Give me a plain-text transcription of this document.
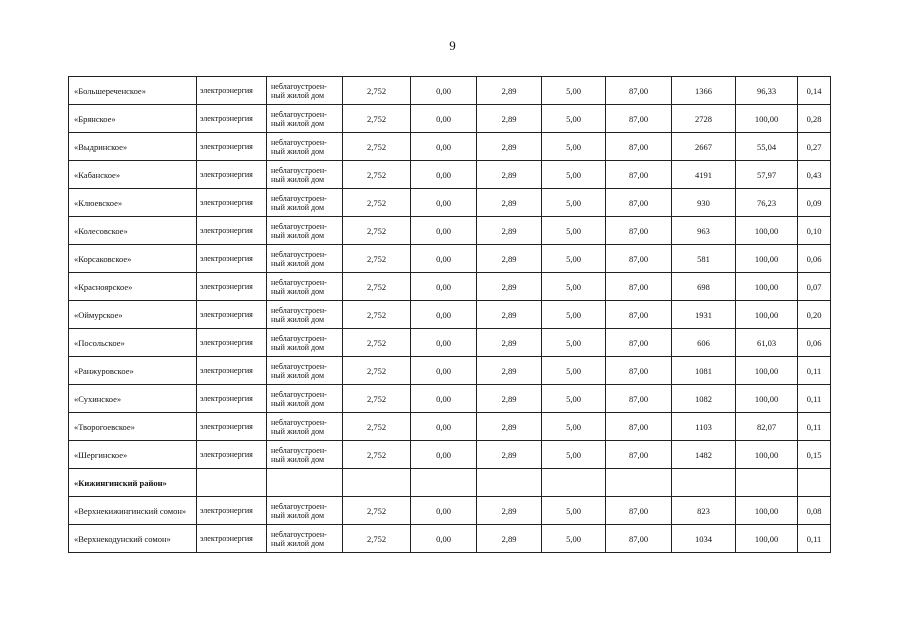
9
«Большереченское»	электроэнергия	неблагоустроен-ный жилой дом	2,752	0,00	2,89	5,00	87,00	1366	96,33	0,14
«Брянское»	электроэнергия	неблагоустроен-ный жилой дом	2,752	0,00	2,89	5,00	87,00	2728	100,00	0,28
«Выдринское»	электроэнергия	неблагоустроен-ный жилой дом	2,752	0,00	2,89	5,00	87,00	2667	55,04	0,27
«Кабанское»	электроэнергия	неблагоустроен-ный жилой дом	2,752	0,00	2,89	5,00	87,00	4191	57,97	0,43
«Клюевское»	электроэнергия	неблагоустроен-ный жилой дом	2,752	0,00	2,89	5,00	87,00	930	76,23	0,09
«Колесовское»	электроэнергия	неблагоустроен-ный жилой дом	2,752	0,00	2,89	5,00	87,00	963	100,00	0,10
«Корсаковское»	электроэнергия	неблагоустроен-ный жилой дом	2,752	0,00	2,89	5,00	87,00	581	100,00	0,06
«Красноярское»	электроэнергия	неблагоустроен-ный жилой дом	2,752	0,00	2,89	5,00	87,00	698	100,00	0,07
«Оймурское»	электроэнергия	неблагоустроен-ный жилой дом	2,752	0,00	2,89	5,00	87,00	1931	100,00	0,20
«Посольское»	электроэнергия	неблагоустроен-ный жилой дом	2,752	0,00	2,89	5,00	87,00	606	61,03	0,06
«Ранжуровское»	электроэнергия	неблагоустроен-ный жилой дом	2,752	0,00	2,89	5,00	87,00	1081	100,00	0,11
«Сухинское»	электроэнергия	неблагоустроен-ный жилой дом	2,752	0,00	2,89	5,00	87,00	1082	100,00	0,11
«Творогоевское»	электроэнергия	неблагоустроен-ный жилой дом	2,752	0,00	2,89	5,00	87,00	1103	82,07	0,11
«Шергинское»	электроэнергия	неблагоустроен-ный жилой дом	2,752	0,00	2,89	5,00	87,00	1482	100,00	0,15
«Кижингинский район»										
«Верхнекижингинский сомон»	электроэнергия	неблагоустроен-ный жилой дом	2,752	0,00	2,89	5,00	87,00	823	100,00	0,08
«Верхнекодунский сомон»	электроэнергия	неблагоустроен-ный жилой дом	2,752	0,00	2,89	5,00	87,00	1034	100,00	0,11
